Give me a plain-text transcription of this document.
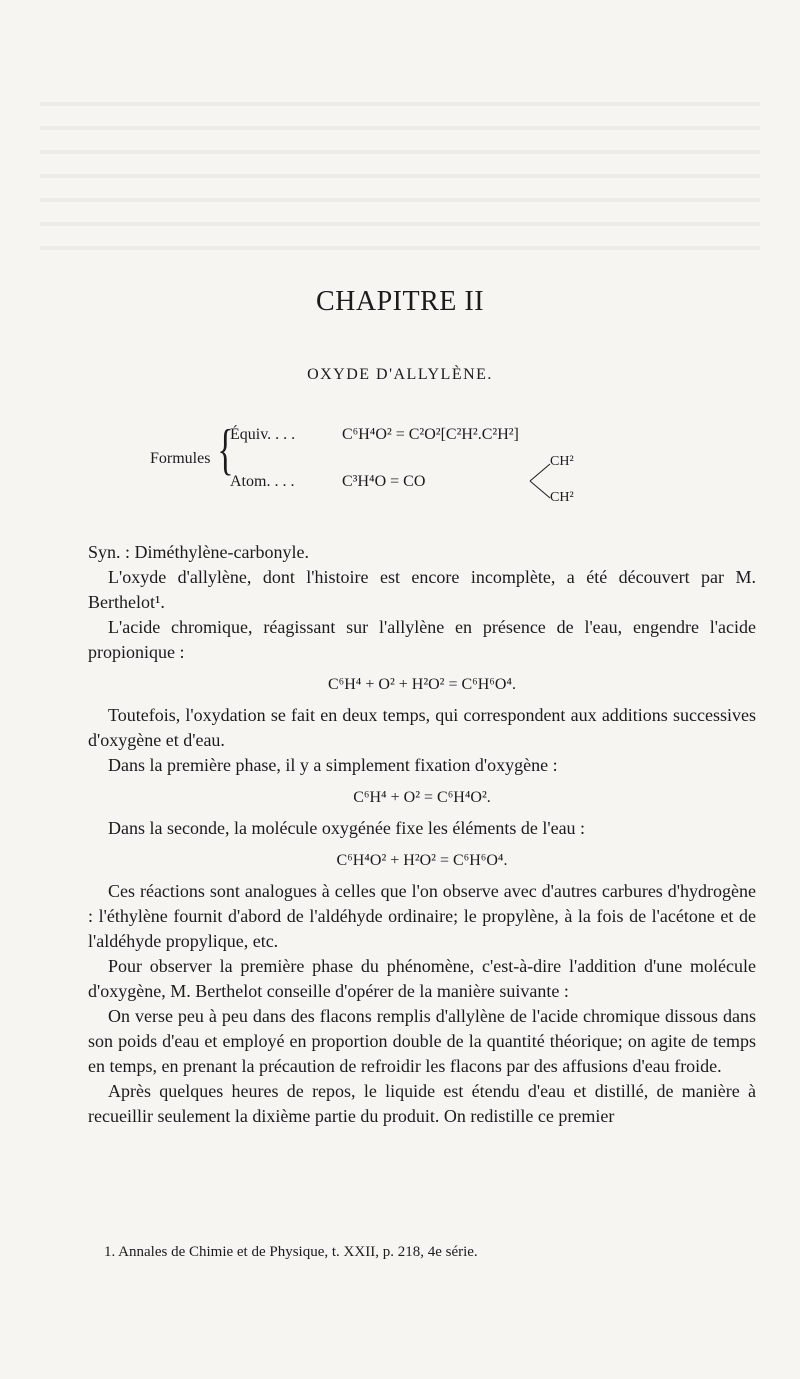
CHAPITRE II
OXYDE D'ALLYLÈNE.
Formules {
Équiv. . . .	C⁶H⁴O² = C²O²[C²H².C²H²]
Atom. . . .	C³H⁴O = CO
CH²
CH²

Syn. : Diméthylène-carbonyle.

L'oxyde d'allylène, dont l'histoire est encore incomplète, a été découvert par M. Berthelot¹.

L'acide chromique, réagissant sur l'allylène en présence de l'eau, engendre l'acide propionique :

C⁶H⁴ + O² + H²O² = C⁶H⁶O⁴.

Toutefois, l'oxydation se fait en deux temps, qui correspondent aux additions successives d'oxygène et d'eau.

Dans la première phase, il y a simplement fixation d'oxygène :

C⁶H⁴ + O² = C⁶H⁴O².

Dans la seconde, la molécule oxygénée fixe les éléments de l'eau :

C⁶H⁴O² + H²O² = C⁶H⁶O⁴.

Ces réactions sont analogues à celles que l'on observe avec d'autres carbures d'hydrogène : l'éthylène fournit d'abord de l'aldéhyde ordinaire; le propylène, à la fois de l'acétone et de l'aldéhyde propylique, etc.

Pour observer la première phase du phénomène, c'est-à-dire l'addition d'une molécule d'oxygène, M. Berthelot conseille d'opérer de la manière suivante :

On verse peu à peu dans des flacons remplis d'allylène de l'acide chromique dissous dans son poids d'eau et employé en proportion double de la quantité théorique; on agite de temps en temps, en prenant la précaution de refroidir les flacons par des affusions d'eau froide.

Après quelques heures de repos, le liquide est étendu d'eau et distillé, de manière à recueillir seulement la dixième partie du produit. On redistille ce premier

1. Annales de Chimie et de Physique, t. XXII, p. 218, 4e série.
